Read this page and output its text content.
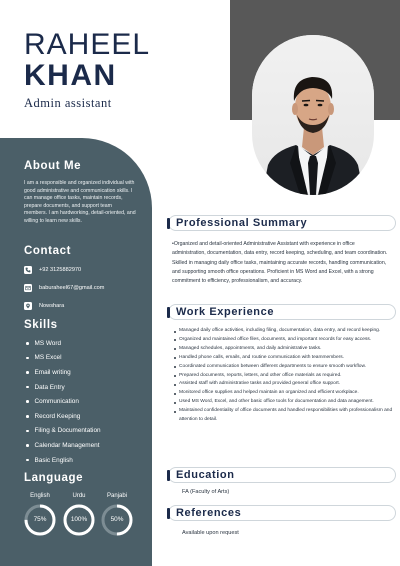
RAHEEL
KHAN
Admin assistant
About Me
I am a responsible and organized individual with good administrative and communication skills. I can manage office tasks, maintain records, prepare documents, and support team members. I am hardworking, detail-oriented, and willing to learn new skills.
Contact
+92 3125882970
baburaheel67@gmail.com
Nowshara
Skills
MS Word
MS Excel
Email writing
Data Entry
Communication
Record Keeping
Filing & Documentation
Calendar Management
Basic English
Language
English	Urdu	Panjabi
75%	100%	50%
Professional Summary
•Organized and detail-oriented Administrative Assistant with experience in office administration, documentation, data entry, record keeping, scheduling, and team coordination. Skilled in managing daily office tasks, maintaining accurate records, handling communication, and supporting smooth office operations. Proficient in MS Word and Excel, with a strong commitment to efficiency, professionalism, and accuracy.
Work Experience
Managed daily office activities, including filing, documentation, data entry, and record keeping.
Organized and maintained office files, documents, and important records for easy access.
Managed schedules, appointments, and daily administrative tasks.
Handled phone calls, emails, and routine communication with teammembers.
Coordinated communication between different departments to ensure smooth workflow.
Prepared documents, reports, letters, and other office materials as required.
Assisted staff with administrative tasks and provided general office support.
Monitored office supplies and helped maintain an organized and efficient workplace.
Used MS Word, Excel, and other basic office tools for documentation and data anagement.
Maintained confidentiality of office documents and handled responsibilities with professionalism and attention to detail.
Education
FA (Faculty of Arts)
References
Available upon request
